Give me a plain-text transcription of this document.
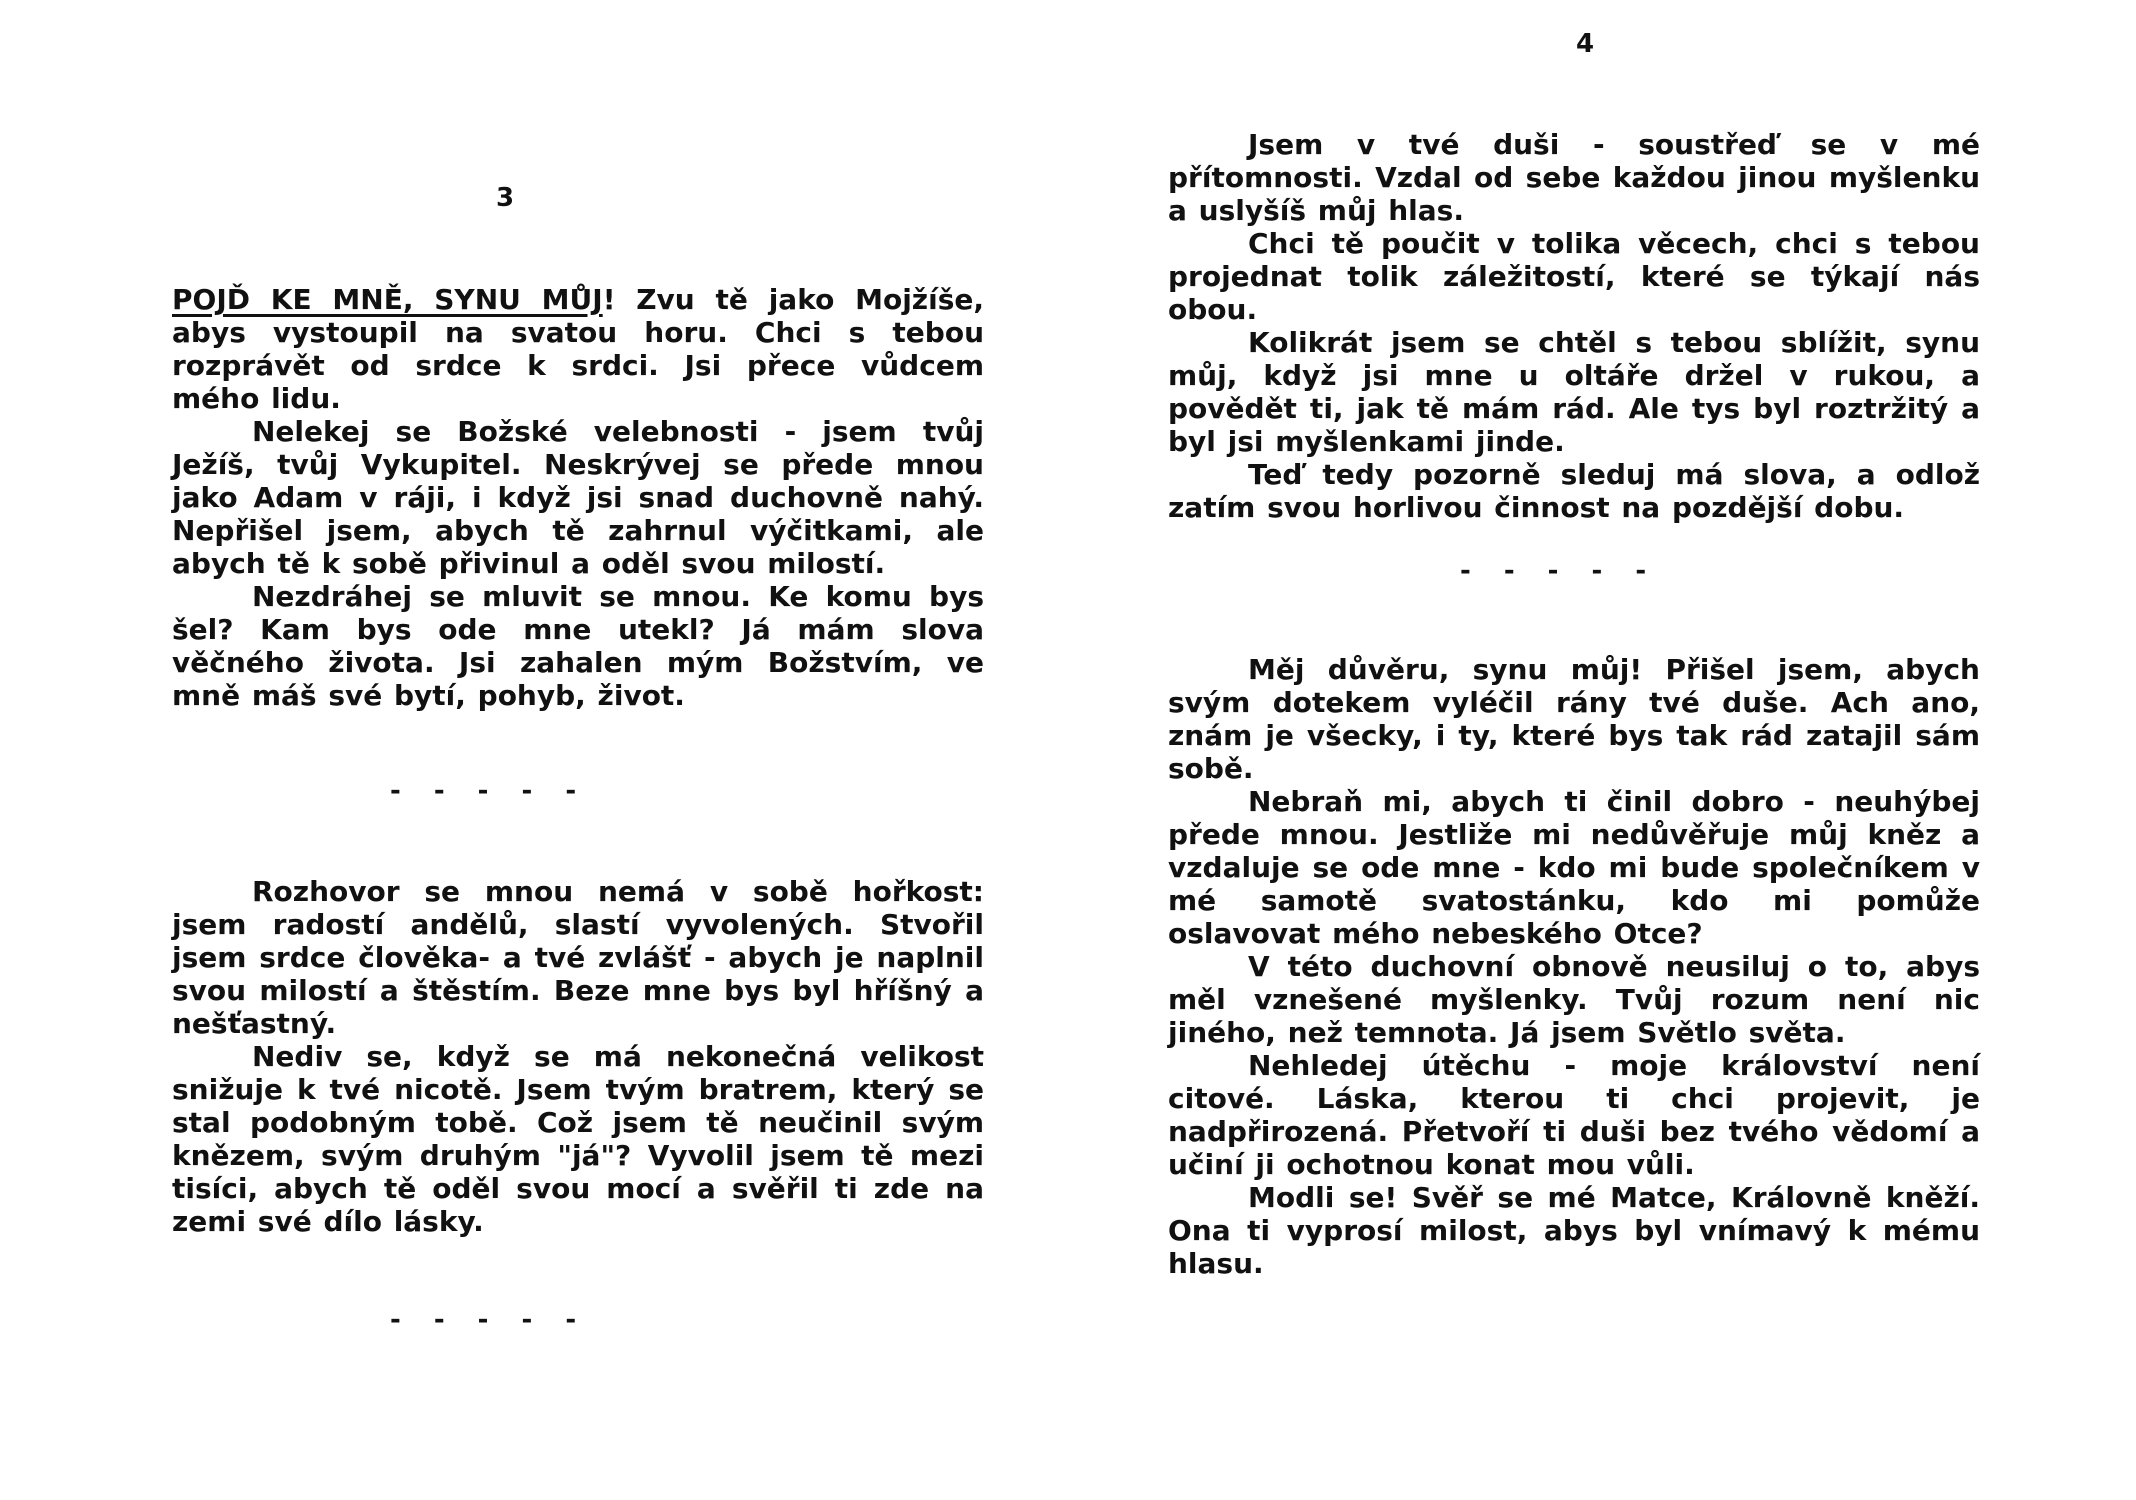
3

POJĎ KE MNĚ, SYNU MŮJ! Zvu tě jako Mojžíše, abys vystoupil na svatou horu. Chci s tebou rozprávět od srdce k srdci. Jsi přece vůdcem mého lidu.

Nelekej se Božské velebnosti - jsem tvůj Ježíš, tvůj Vykupitel. Neskrývej se přede mnou jako Adam v ráji, i když jsi snad duchovně nahý. Nepřišel jsem, abych tě zahrnul výčitkami, ale abych tě k sobě přivinul a oděl svou milostí.

Nezdráhej se mluvit se mnou. Ke komu bys šel? Kam bys ode mne utekl? Já mám slova věčného života. Jsi zahalen mým Božstvím, ve mně máš své bytí, pohyb, život.

- - - - -

Rozhovor se mnou nemá v sobě hořkost: jsem radostí andělů, slastí vyvolených. Stvořil jsem srdce člověka- a tvé zvlášť - abych je naplnil svou milostí a štěstím. Beze mne bys byl hříšný a nešťastný.

Nediv se, když se má nekonečná velikost snižuje k tvé nicotě. Jsem tvým bratrem, který se stal podobným tobě. Což jsem tě neučinil svým knězem, svým druhým "já"? Vyvolil jsem tě mezi tisíci, abych tě oděl svou mocí a svěřil ti zde na zemi své dílo lásky.

- - - - -
4

Jsem v tvé duši - soustřeď se v mé přítomnosti. Vzdal od sebe každou jinou myšlenku a uslyšíš můj hlas.

Chci tě poučit v tolika věcech, chci s tebou projednat tolik záležitostí, které se týkají nás obou.

Kolikrát jsem se chtěl s tebou sblížit, synu můj, když jsi mne u oltáře držel v rukou, a povědět ti, jak tě mám rád. Ale tys byl roztržitý a byl jsi myšlenkami jinde.

Teď tedy pozorně sleduj má slova, a odlož zatím svou horlivou činnost na pozdější dobu.

- - - - -

Měj důvěru, synu můj! Přišel jsem, abych svým dotekem vyléčil rány tvé duše. Ach ano, znám je všecky, i ty, které bys tak rád zatajil sám sobě.

Nebraň mi, abych ti činil dobro - neuhýbej přede mnou. Jestliže mi nedůvěřuje můj kněz a vzdaluje se ode mne - kdo mi bude společníkem v mé samotě svatostánku, kdo mi pomůže oslavovat mého nebeského Otce?

V této duchovní obnově neusiluj o to, abys měl vznešené myšlenky. Tvůj rozum není nic jiného, než temnota. Já jsem Světlo světa.

Nehledej útěchu - moje království není citové. Láska, kterou ti chci projevit, je nadpřirozená. Přetvoří ti duši bez tvého vědomí a učiní ji ochotnou konat mou vůli.

Modli se! Svěř se mé Matce, Královně kněží. Ona ti vyprosí milost, abys byl vnímavý k mému hlasu.
